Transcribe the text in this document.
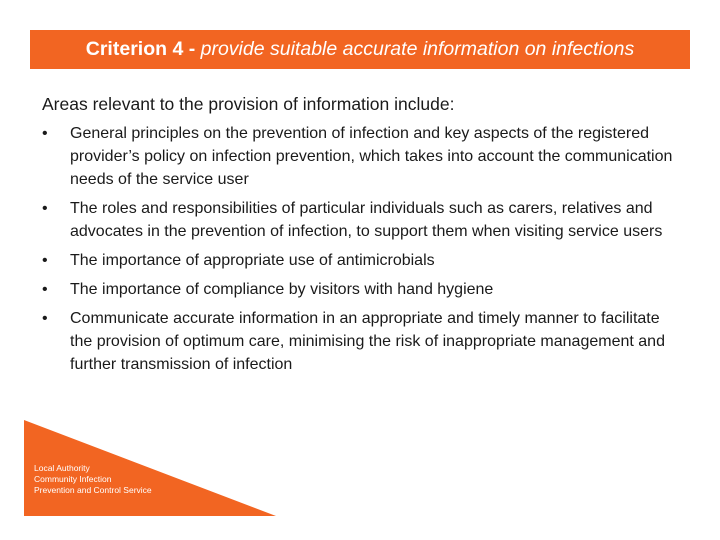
Criterion 4 -
provide suitable accurate information on infections
Areas relevant to the provision of information include:
• General principles on the prevention of infection and key aspects of the registered provider’s policy on infection prevention, which takes into account the communication needs of the service user
• The roles and responsibilities of particular individuals such as carers, relatives and advocates in the prevention of infection, to support them when visiting service users
• The importance of appropriate use of antimicrobials
• The importance of compliance by visitors with hand hygiene
• Communicate accurate information in an appropriate and timely manner to facilitate the provision of optimum care, minimising the risk of inappropriate management and further transmission of infection
Local Authority
Community Infection
Prevention and Control Service
